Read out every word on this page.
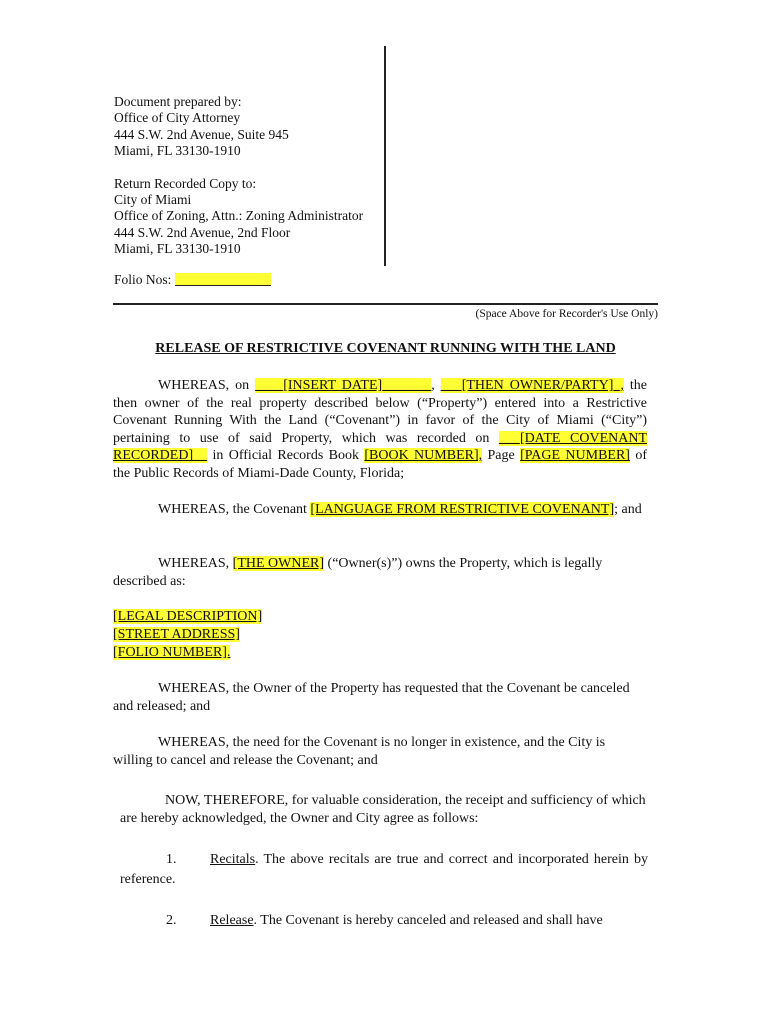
Document prepared by:
Office of City Attorney
444 S.W. 2nd Avenue, Suite 945
Miami, FL 33130-1910
Return Recorded Copy to:
City of Miami
Office of Zoning, Attn.: Zoning Administrator
444 S.W. 2nd Avenue, 2nd Floor
Miami, FL 33130-1910
Folio Nos:
(Space Above for Recorder's Use Only)
RELEASE OF RESTRICTIVE COVENANT RUNNING WITH THE LAND
WHEREAS, on ____[INSERT DATE]_______, ___[THEN OWNER/PARTY]_, the then owner of the real property described below (“Property”) entered into a Restrictive Covenant Running With the Land (“Covenant”) in favor of the City of Miami (“City”) pertaining to use of said Property, which was recorded on ___[DATE COVENANT RECORDED]__ in Official Records Book [BOOK NUMBER], Page [PAGE NUMBER] of the Public Records of Miami-Dade County, Florida;
WHEREAS, the Covenant [LANGUAGE FROM RESTRICTIVE COVENANT]; and
WHEREAS, [THE OWNER] (“Owner(s)”) owns the Property, which is legally described as:
[LEGAL DESCRIPTION]
[STREET ADDRESS]
[FOLIO NUMBER].
WHEREAS, the Owner of the Property has requested that the Covenant be canceled and released; and
WHEREAS, the need for the Covenant is no longer in existence, and the City is willing to cancel and release the Covenant; and
NOW, THEREFORE, for valuable consideration, the receipt and sufficiency of which are hereby acknowledged, the Owner and City agree as follows:
1. Recitals. The above recitals are true and correct and incorporated herein by reference.
2. Release. The Covenant is hereby canceled and released and shall have
